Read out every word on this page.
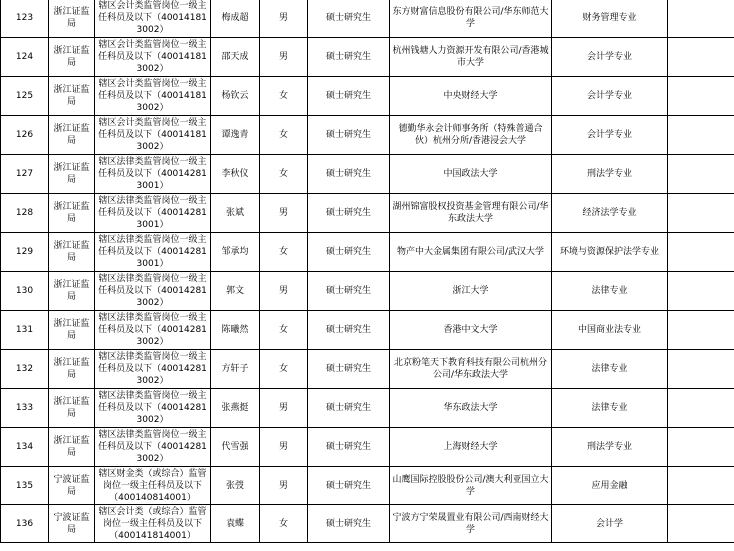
123	浙江证监局	辖区会计类监管岗位一级主任科员及以下（400141813002）	梅成超	男	硕士研究生	东方财富信息股份有限公司/华东师范大学	财务管理专业	
124	浙江证监局	辖区会计类监管岗位一级主任科员及以下（400141813002）	邵天成	男	硕士研究生	杭州钱塘人力资源开发有限公司/香港城市大学	会计学专业	
125	浙江证监局	辖区会计类监管岗位一级主任科员及以下（400141813002）	杨钦云	女	硕士研究生	中央财经大学	会计学专业	
126	浙江证监局	辖区会计类监管岗位一级主任科员及以下（400141813002）	谭逸青	女	硕士研究生	德勤华永会计师事务所（特殊普通合伙）杭州分所/香港浸会大学	会计学专业	
127	浙江证监局	辖区法律类监管岗位一级主任科员及以下（400142813001）	李秋仪	女	硕士研究生	中国政法大学	刑法学专业	
128	浙江证监局	辖区法律类监管岗位一级主任科员及以下（400142813001）	张斌	男	硕士研究生	湖州锦富股权投资基金管理有限公司/华东政法大学	经济法学专业	
129	浙江证监局	辖区法律类监管岗位一级主任科员及以下（400142813001）	邹承均	女	硕士研究生	物产中大金属集团有限公司/武汉大学	环境与资源保护法学专业	
130	浙江证监局	辖区法律类监管岗位一级主任科员及以下（400142813002）	郭文	男	硕士研究生	浙江大学	法律专业	
131	浙江证监局	辖区法律类监管岗位一级主任科员及以下（400142813002）	陈曦然	女	硕士研究生	香港中文大学	中国商业法专业	
132	浙江证监局	辖区法律类监管岗位一级主任科员及以下（400142813002）	方轩子	女	硕士研究生	北京粉笔天下教育科技有限公司杭州分公司/华东政法大学	法律专业	
133	浙江证监局	辖区法律类监管岗位一级主任科员及以下（400142813002）	张燕挺	男	硕士研究生	华东政法大学	法律专业	
134	浙江证监局	辖区法律类监管岗位一级主任科员及以下（400142813002）	代雪强	男	硕士研究生	上海财经大学	刑法学专业	
135	宁波证监局	辖区财金类（或综合）监管岗位一级主任科员及以下（400140814001）	张弢	男	硕士研究生	山鹰国际控股股份公司/澳大利亚国立大学	应用金融	
136	宁波证监局	辖区会计类（或综合）监管岗位一级主任科员及以下（400141814001）	袁蝶	女	硕士研究生	宁波方宁荣晟置业有限公司/西南财经大学	会计学	
